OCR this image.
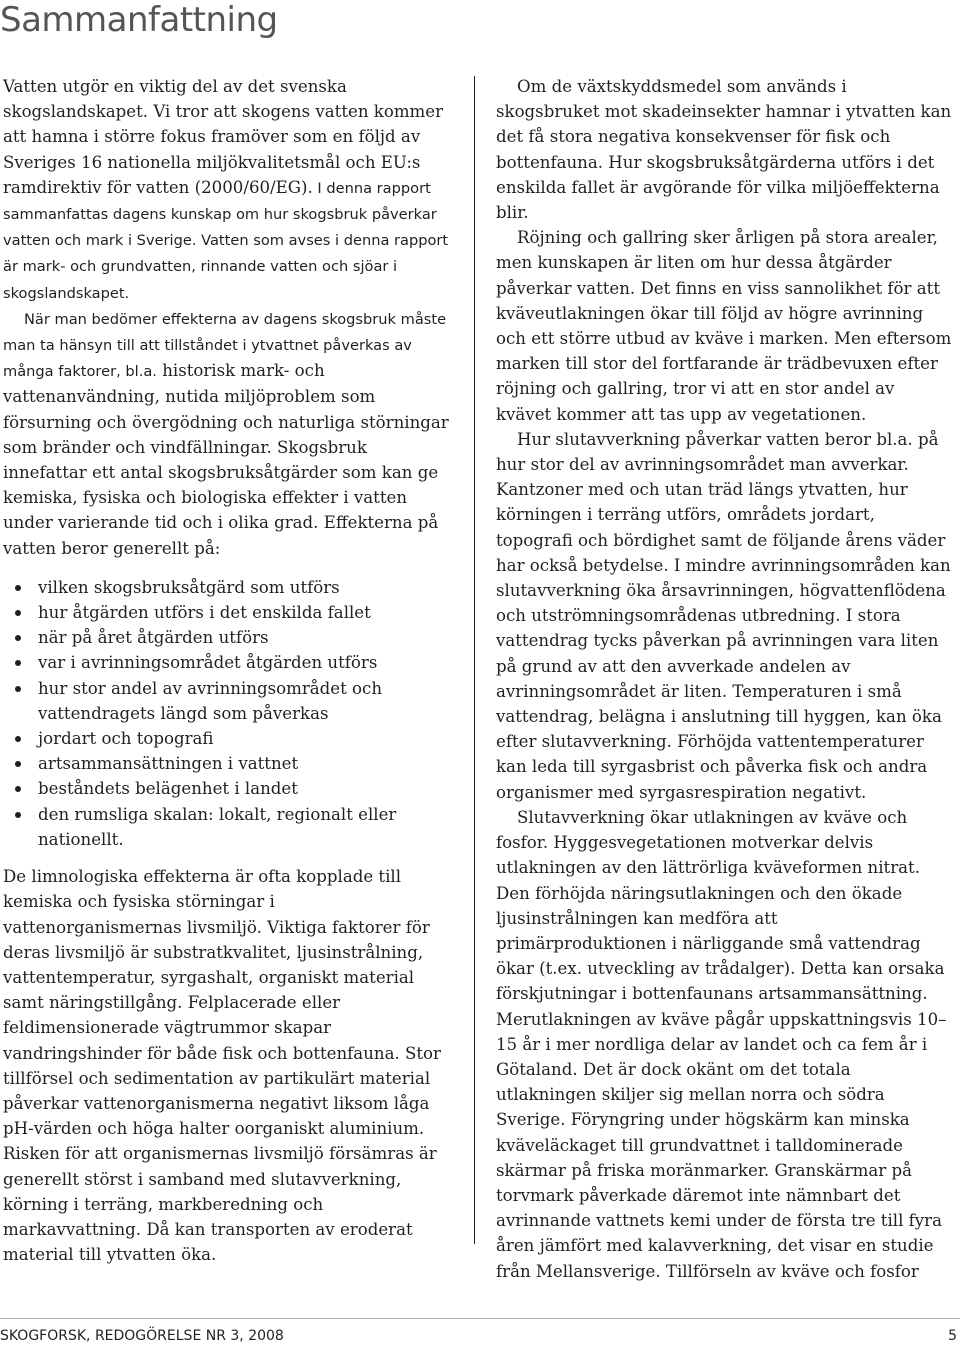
Sammanfattning

Vatten utgör en viktig del av det svenska skogslandskapet. Vi tror att skogens vatten kommer att hamna i större fokus framöver som en följd av Sveriges 16 nationella miljökvalitetsmål och EU:s ramdirektiv för vatten (2000/60/EG). I denna rapport sammanfattas dagens kunskap om hur skogsbruk påverkar vatten och mark i Sverige. Vatten som avses i denna rapport är mark- och grundvatten, rinnande vatten och sjöar i skogslandskapet.

När man bedömer effekterna av dagens skogsbruk måste man ta hänsyn till att tillståndet i ytvattnet påverkas av många faktorer, bl.a. historisk mark- och vattenanvändning, nutida miljöproblem som försurning och övergödning och naturliga störningar som bränder och vindfällningar. Skogsbruk innefattar ett antal skogsbruksåtgärder som kan ge kemiska, fysiska och biologiska effekter i vatten under varierande tid och i olika grad. Effekterna på vatten beror generellt på:

vilken skogsbruksåtgärd som utförs
hur åtgärden utförs i det enskilda fallet
när på året åtgärden utförs
var i avrinningsområdet åtgärden utförs
hur stor andel av avrinningsområdet och vattendragets längd som påverkas
jordart och topografi
artsammansättningen i vattnet
beståndets belägenhet i landet
den rumsliga skalan: lokalt, regionalt eller nationellt.

De limnologiska effekterna är ofta kopplade till kemiska och fysiska störningar i vattenorganismernas livsmiljö. Viktiga faktorer för deras livsmiljö är substratkvalitet, ljusinstrålning, vattentemperatur, syrgashalt, organiskt material samt näringstillgång. Felplacerade eller feldimensionerade vägtrummor skapar vandringshinder för både fisk och bottenfauna. Stor tillförsel och sedimentation av partikulärt material påverkar vattenorganismerna negativt liksom låga pH-värden och höga halter oorganiskt aluminium. Risken för att organismernas livsmiljö försämras är generellt störst i samband med slutavverkning, körning i terräng, markberedning och markavvattning. Då kan transporten av eroderat material till ytvatten öka.

Om de växtskyddsmedel som används i skogsbruket mot skadeinsekter hamnar i ytvatten kan det få stora negativa konsekvenser för fisk och bottenfauna. Hur skogsbruksåtgärderna utförs i det enskilda fallet är avgörande för vilka miljöeffekterna blir.

Röjning och gallring sker årligen på stora arealer, men kunskapen är liten om hur dessa åtgärder påverkar vatten. Det finns en viss sannolikhet för att kväveutlakningen ökar till följd av högre avrinning och ett större utbud av kväve i marken. Men eftersom marken till stor del fortfarande är trädbevuxen efter röjning och gallring, tror vi att en stor andel av kvävet kommer att tas upp av vegetationen.

Hur slutavverkning påverkar vatten beror bl.a. på hur stor del av avrinningsområdet man avverkar. Kantzoner med och utan träd längs ytvatten, hur körningen i terräng utförs, områdets jordart, topografi och bördighet samt de följande årens väder har också betydelse. I mindre avrinningsområden kan slutavverkning öka årsavrinningen, högvattenflödena och utströmningsområdenas utbredning. I stora vattendrag tycks påverkan på avrinningen vara liten på grund av att den avverkade andelen av avrinningsområdet är liten. Temperaturen i små vattendrag, belägna i anslutning till hyggen, kan öka efter slutavverkning. Förhöjda vattentemperaturer kan leda till syrgasbrist och påverka fisk och andra organismer med syrgasrespiration negativt.

Slutavverkning ökar utlakningen av kväve och fosfor. Hyggesvegetationen motverkar delvis utlakningen av den lättrörliga kväveformen nitrat. Den förhöjda näringsutlakningen och den ökade ljusinstrålningen kan medföra att primärproduktionen i närliggande små vattendrag ökar (t.ex. utveckling av trådalger). Detta kan orsaka förskjutningar i bottenfaunans artsammansättning. Merutlakningen av kväve pågår uppskattningsvis 10–15 år i mer nordliga delar av landet och ca fem år i Götaland. Det är dock okänt om det totala utlakningen skiljer sig mellan norra och södra Sverige. Föryngring under högskärm kan minska kväveläckaget till grundvattnet i talldominerade skärmar på friska moränmarker. Granskärmar på torvmark påverkade däremot inte nämnbart det avrinnande vattnets kemi under de första tre till fyra åren jämfört med kalavverkning, det visar en studie från Mellansverige. Tillförseln av kväve och fosfor

SKOGFORSK, REDOGÖRELSE NR 3, 2008	5
